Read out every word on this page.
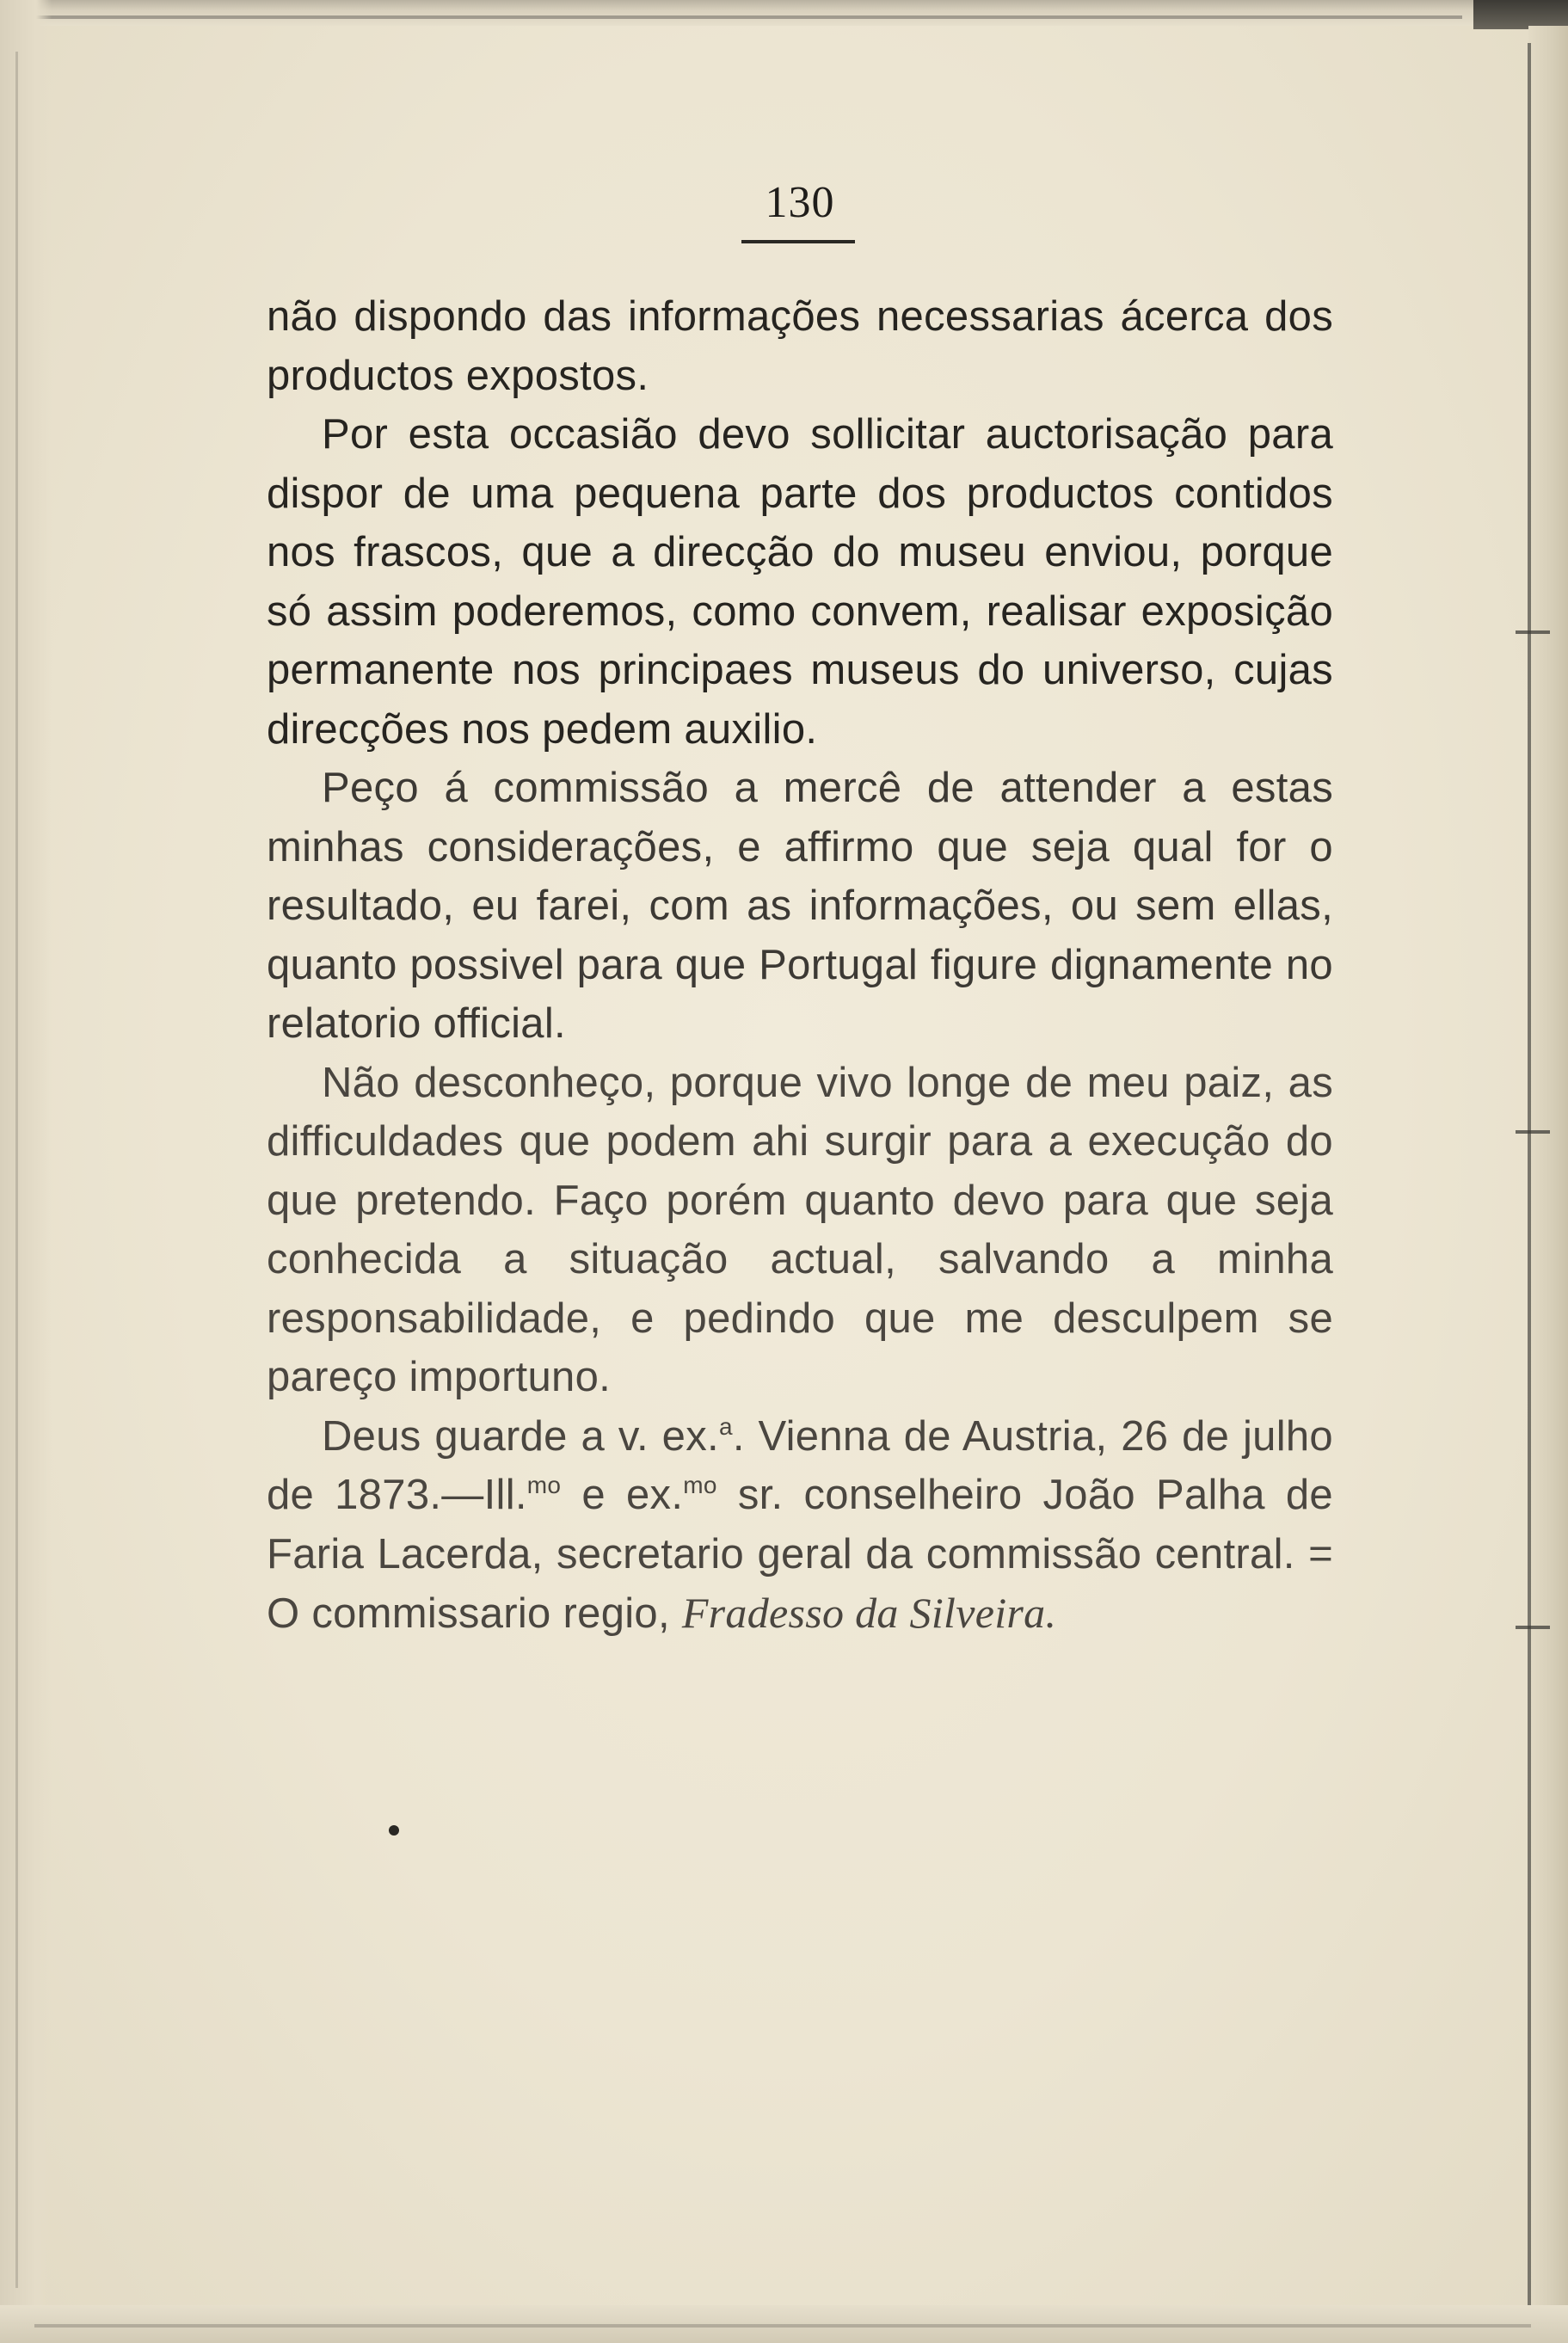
130

não dispondo das informações necessarias ácerca dos productos expostos.

Por esta occasião devo sollicitar auctorisação para dispor de uma pequena parte dos productos contidos nos frascos, que a direcção do museu enviou, porque só assim poderemos, como convem, realisar exposição permanente nos principaes museus do universo, cujas direcções nos pedem auxilio.

Peço á commissão a mercê de attender a estas minhas considerações, e affirmo que seja qual for o resultado, eu farei, com as informações, ou sem ellas, quanto possivel para que Portugal figure dignamente no relatorio official.

Não desconheço, porque vivo longe de meu paiz, as difficuldades que podem ahi surgir para a execução do que pretendo. Faço porém quanto devo para que seja conhecida a situação actual, salvando a minha responsabilidade, e pedindo que me desculpem se pareço importuno.

Deus guarde a v. ex.$^a$. Vienna de Austria, 26 de julho de 1873.—Ill.$^{mo}$ e ex.$^{mo}$ sr. conselheiro João Palha de Faria Lacerda, secretario geral da commissão central. = O commissario regio, Fradesso da Silveira.
